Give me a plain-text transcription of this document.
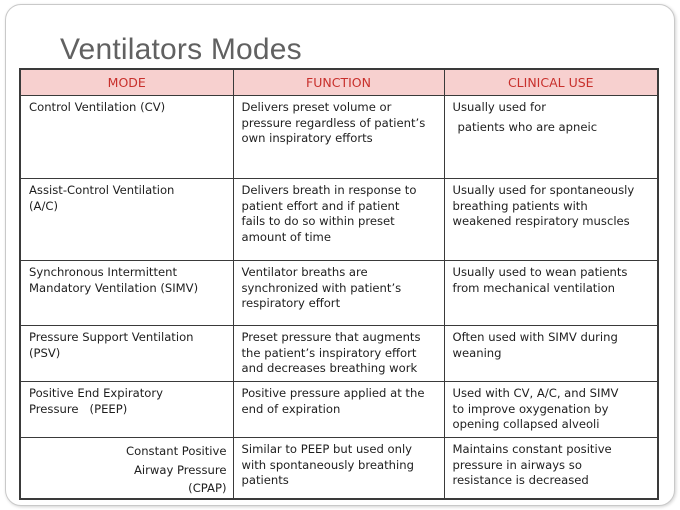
Ventilators Modes
MODE	FUNCTION	CLINICAL USE

Control Ventilation (CV)	Delivers preset volume or
pressure regardless of patient’s
own inspiratory efforts	Usually used for
patients who are apneic

Assist-Control Ventilation
(A/C)	Delivers breath in response to
patient effort and if patient
fails to do so within preset
amount of time	Usually used for spontaneously
breathing patients with
weakened respiratory muscles

Synchronous Intermittent
Mandatory Ventilation (SIMV)	Ventilator breaths are
synchronized with patient’s
respiratory effort	Usually used to wean patients
from mechanical ventilation

Pressure Support Ventilation
(PSV)	Preset pressure that augments
the patient’s inspiratory effort
and decreases breathing work	Often used with SIMV during
weaning

Positive End Expiratory
Pressure   (PEEP)	Positive pressure applied at the
end of expiration	Used with CV, A/C, and SIMV
to improve oxygenation by
opening collapsed alveoli

Constant Positive
Airway Pressure
(CPAP)	Similar to PEEP but used only
with spontaneously breathing
patients	Maintains constant positive
pressure in airways so
resistance is decreased
